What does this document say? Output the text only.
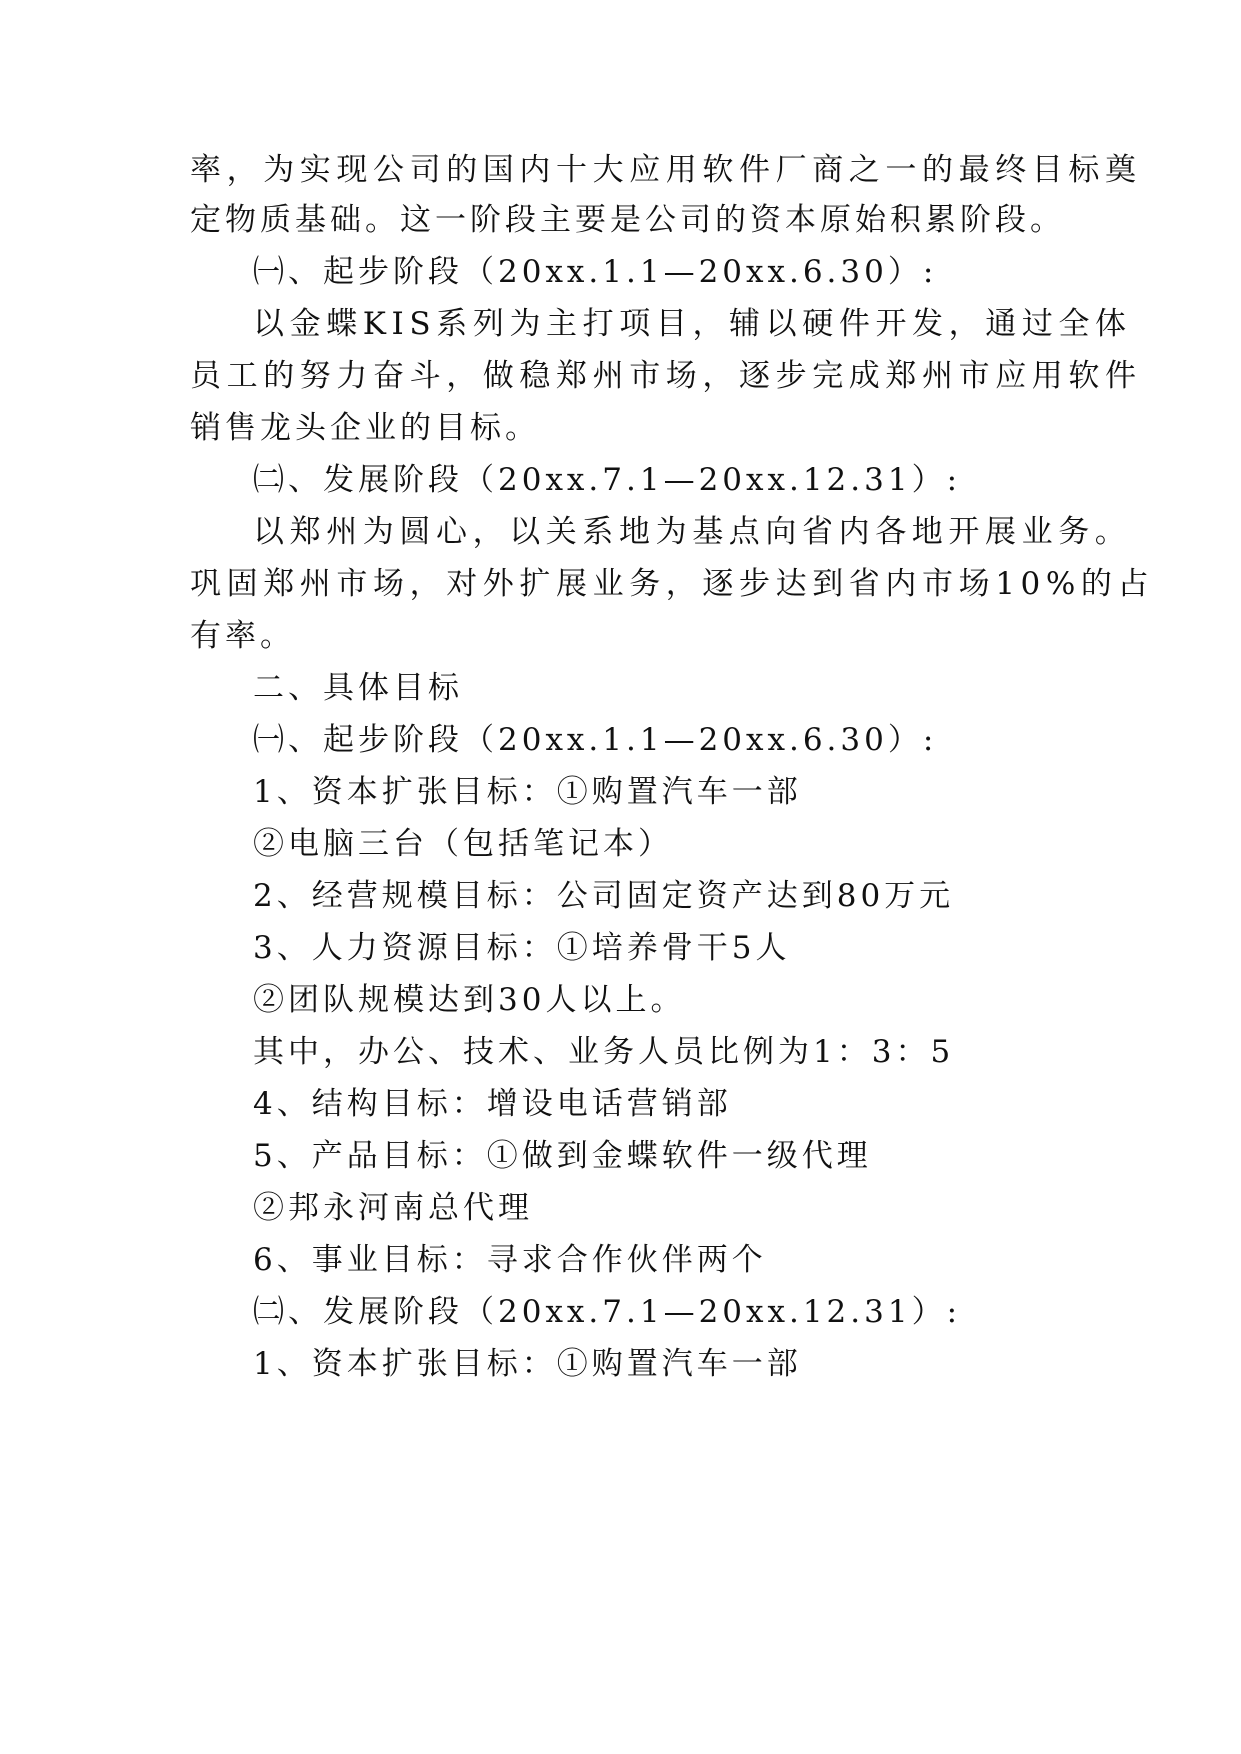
率，为实现公司的国内十大应用软件厂商之一的最终目标奠

定物质基础。这一阶段主要是公司的资本原始积累阶段。

㈠、起步阶段（20xx.1.1—20xx.6.30）:

以金蝶KIS系列为主打项目，辅以硬件开发，通过全体

员工的努力奋斗，做稳郑州市场，逐步完成郑州市应用软件

销售龙头企业的目标。

㈡、发展阶段（20xx.7.1—20xx.12.31）:

以郑州为圆心，以关系地为基点向省内各地开展业务。

巩固郑州市场，对外扩展业务，逐步达到省内市场10%的占

有率。

二、具体目标

㈠、起步阶段（20xx.1.1—20xx.6.30）:

1、资本扩张目标：①购置汽车一部

②电脑三台（包括笔记本）

2、经营规模目标：公司固定资产达到80万元

3、人力资源目标：①培养骨干5人

②团队规模达到30人以上。

其中，办公、技术、业务人员比例为1：3：5

4、结构目标：增设电话营销部

5、产品目标：①做到金蝶软件一级代理

②邦永河南总代理

6、事业目标：寻求合作伙伴两个

㈡、发展阶段（20xx.7.1—20xx.12.31）:

1、资本扩张目标：①购置汽车一部
